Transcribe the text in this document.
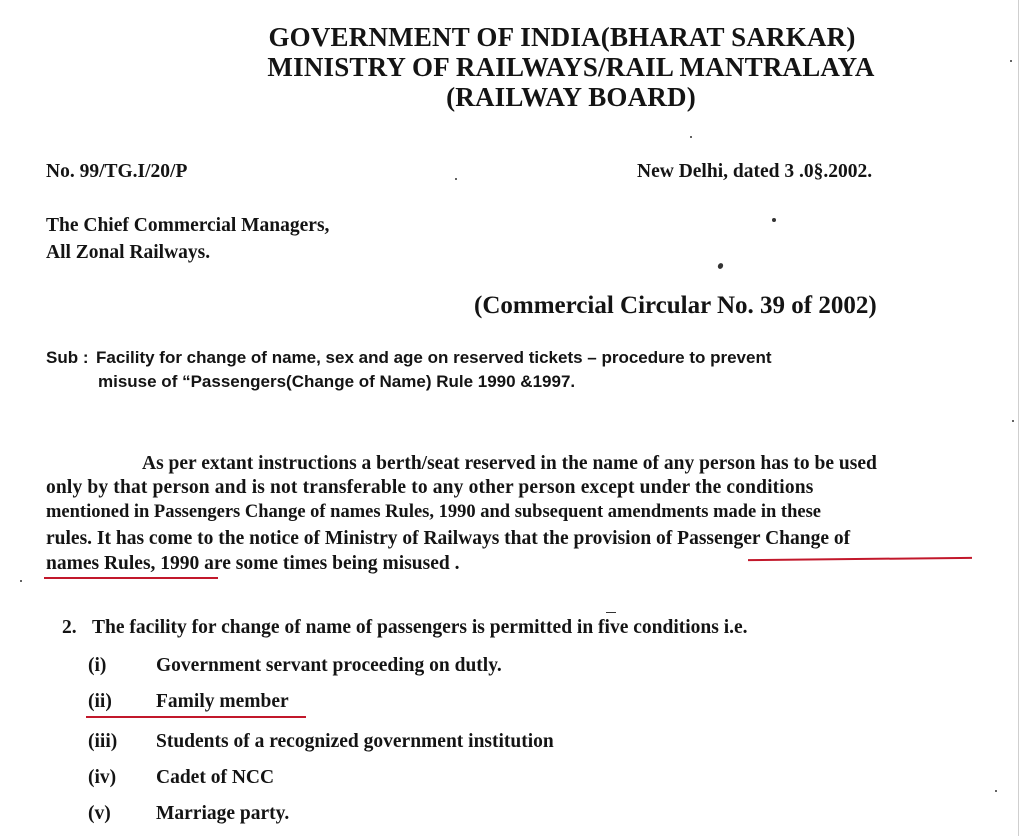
GOVERNMENT OF INDIA(BHARAT SARKAR)
MINISTRY OF RAILWAYS/RAIL MANTRALAYA
(RAILWAY BOARD)
No. 99/TG.I/20/P	New Delhi, dated 3 .0§.2002.
The Chief Commercial Managers,
All Zonal Railways.
(Commercial Circular No. 39 of 2002)
Sub : Facility for change of name, sex and age on reserved tickets – procedure to prevent
misuse of “Passengers(Change of Name) Rule 1990 &1997.
As per extant instructions a berth/seat reserved in the name of any person has to be used
only by that person and is not transferable to any other person except under the conditions
mentioned in Passengers Change of names Rules, 1990 and subsequent amendments made in these
rules. It has come to the notice of Ministry of Railways that the provision of Passenger Change of
names Rules, 1990 are some times being misused .
2. The facility for change of name of passengers is permitted in five conditions i.e.
(i)	Government servant proceeding on dutly.
(ii) Family member
(iii) Students of a recognized government institution
(iv) Cadet of NCC
(v) Marriage party.
